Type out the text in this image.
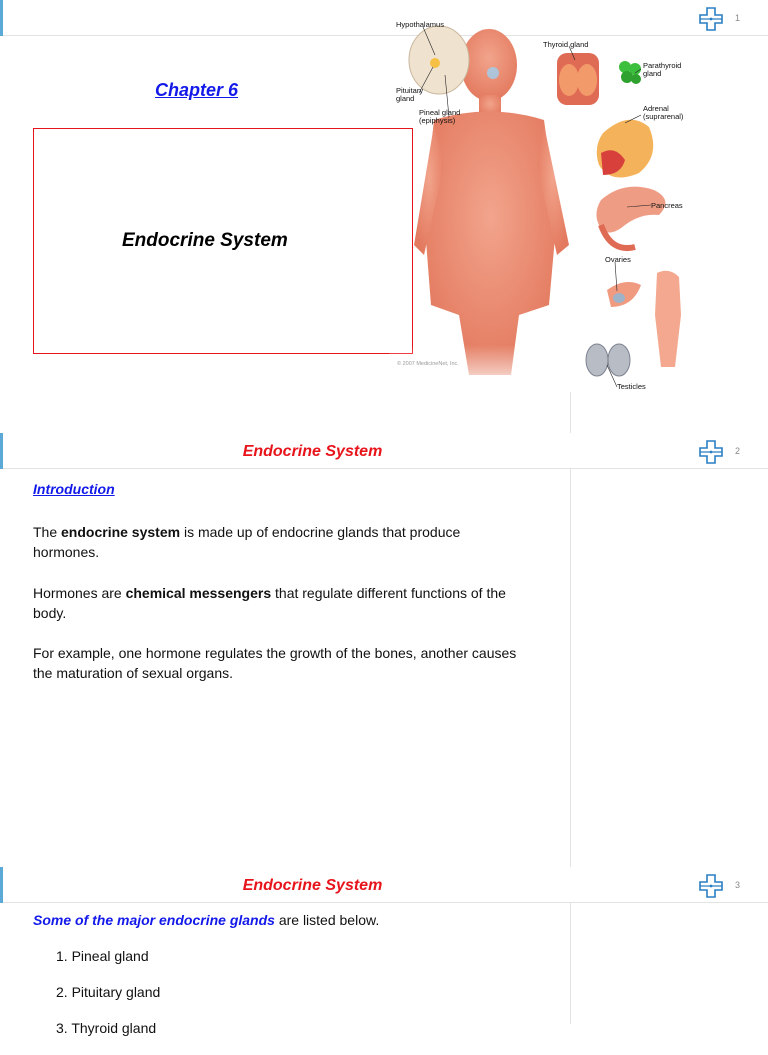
1
Chapter 6
Endocrine System
Hypothalamus
Thyroid gland
Parathyroid
gland
Pituitary
gland
Pineal gland
(epiphysis)
Adrenal
(suprarenal)
Pancreas
Ovaries
Testicles
© 2007 MedicineNet, Inc.
Endocrine System	2
Introduction

The endocrine system is made up of endocrine glands that produce hormones.

Hormones are chemical messengers that regulate different functions of the body.

For example, one hormone regulates the growth of the bones, another causes the maturation of sexual organs.

Endocrine System	3

Some of the major endocrine glands are listed below.

1. Pineal gland
2. Pituitary gland
3. Thyroid gland
